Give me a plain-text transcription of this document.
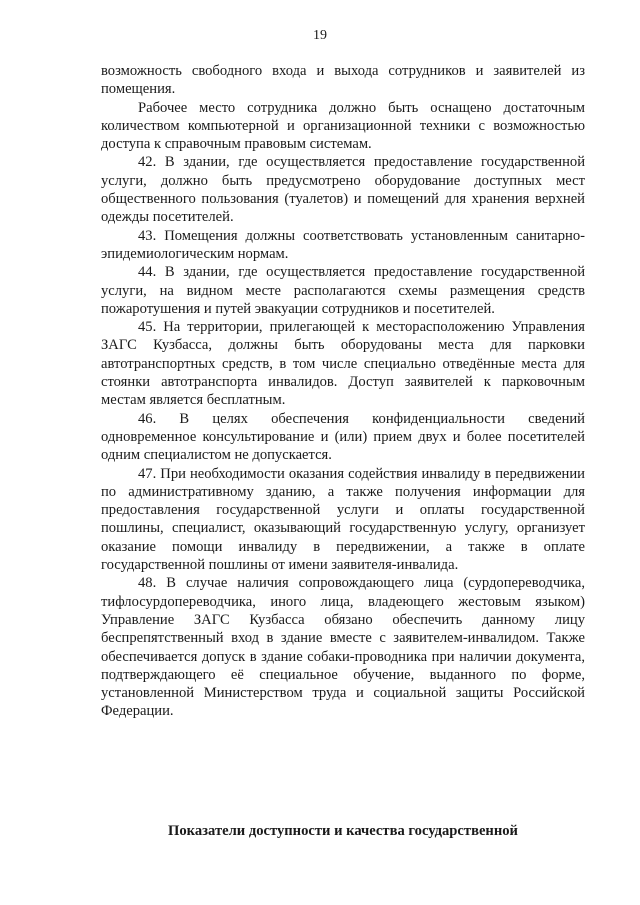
19

возможность свободного входа и выхода сотрудников и заявителей из помещения.

Рабочее место сотрудника должно быть оснащено достаточным количеством компьютерной и организационной техники с возможностью доступа к справочным правовым системам.

42. В здании, где осуществляется предоставление государственной услуги, должно быть предусмотрено оборудование доступных мест общественного пользования (туалетов) и помещений для хранения верхней одежды посетителей.

43. Помещения должны соответствовать установленным санитарно-эпидемиологическим нормам.

44. В здании, где осуществляется предоставление государственной услуги, на видном месте располагаются схемы размещения средств пожаротушения и путей эвакуации сотрудников и посетителей.

45. На территории, прилегающей к месторасположению Управления ЗАГС Кузбасса, должны быть оборудованы места для парковки автотранспортных средств, в том числе специально отведённые места для стоянки автотранспорта инвалидов. Доступ заявителей к парковочным местам является бесплатным.

46. В целях обеспечения конфиденциальности сведений одновременное консультирование и (или) прием двух и более посетителей одним специалистом не допускается.

47. При необходимости оказания содействия инвалиду в передвижении по административному зданию, а также получения информации для предоставления государственной услуги и оплаты государственной пошлины, специалист, оказывающий государственную услугу, организует оказание помощи инвалиду в передвижении, а также в оплате государственной пошлины от имени заявителя-инвалида.

48. В случае наличия сопровождающего лица (сурдопереводчика, тифлосурдопереводчика, иного лица, владеющего жестовым языком) Управление ЗАГС Кузбасса обязано обеспечить данному лицу беспрепятственный вход в здание вместе с заявителем-инвалидом. Также обеспечивается допуск в здание собаки-проводника при наличии документа, подтверждающего её специальное обучение, выданного по форме, установленной Министерством труда и социальной защиты Российской Федерации.

Показатели доступности и качества государственной
